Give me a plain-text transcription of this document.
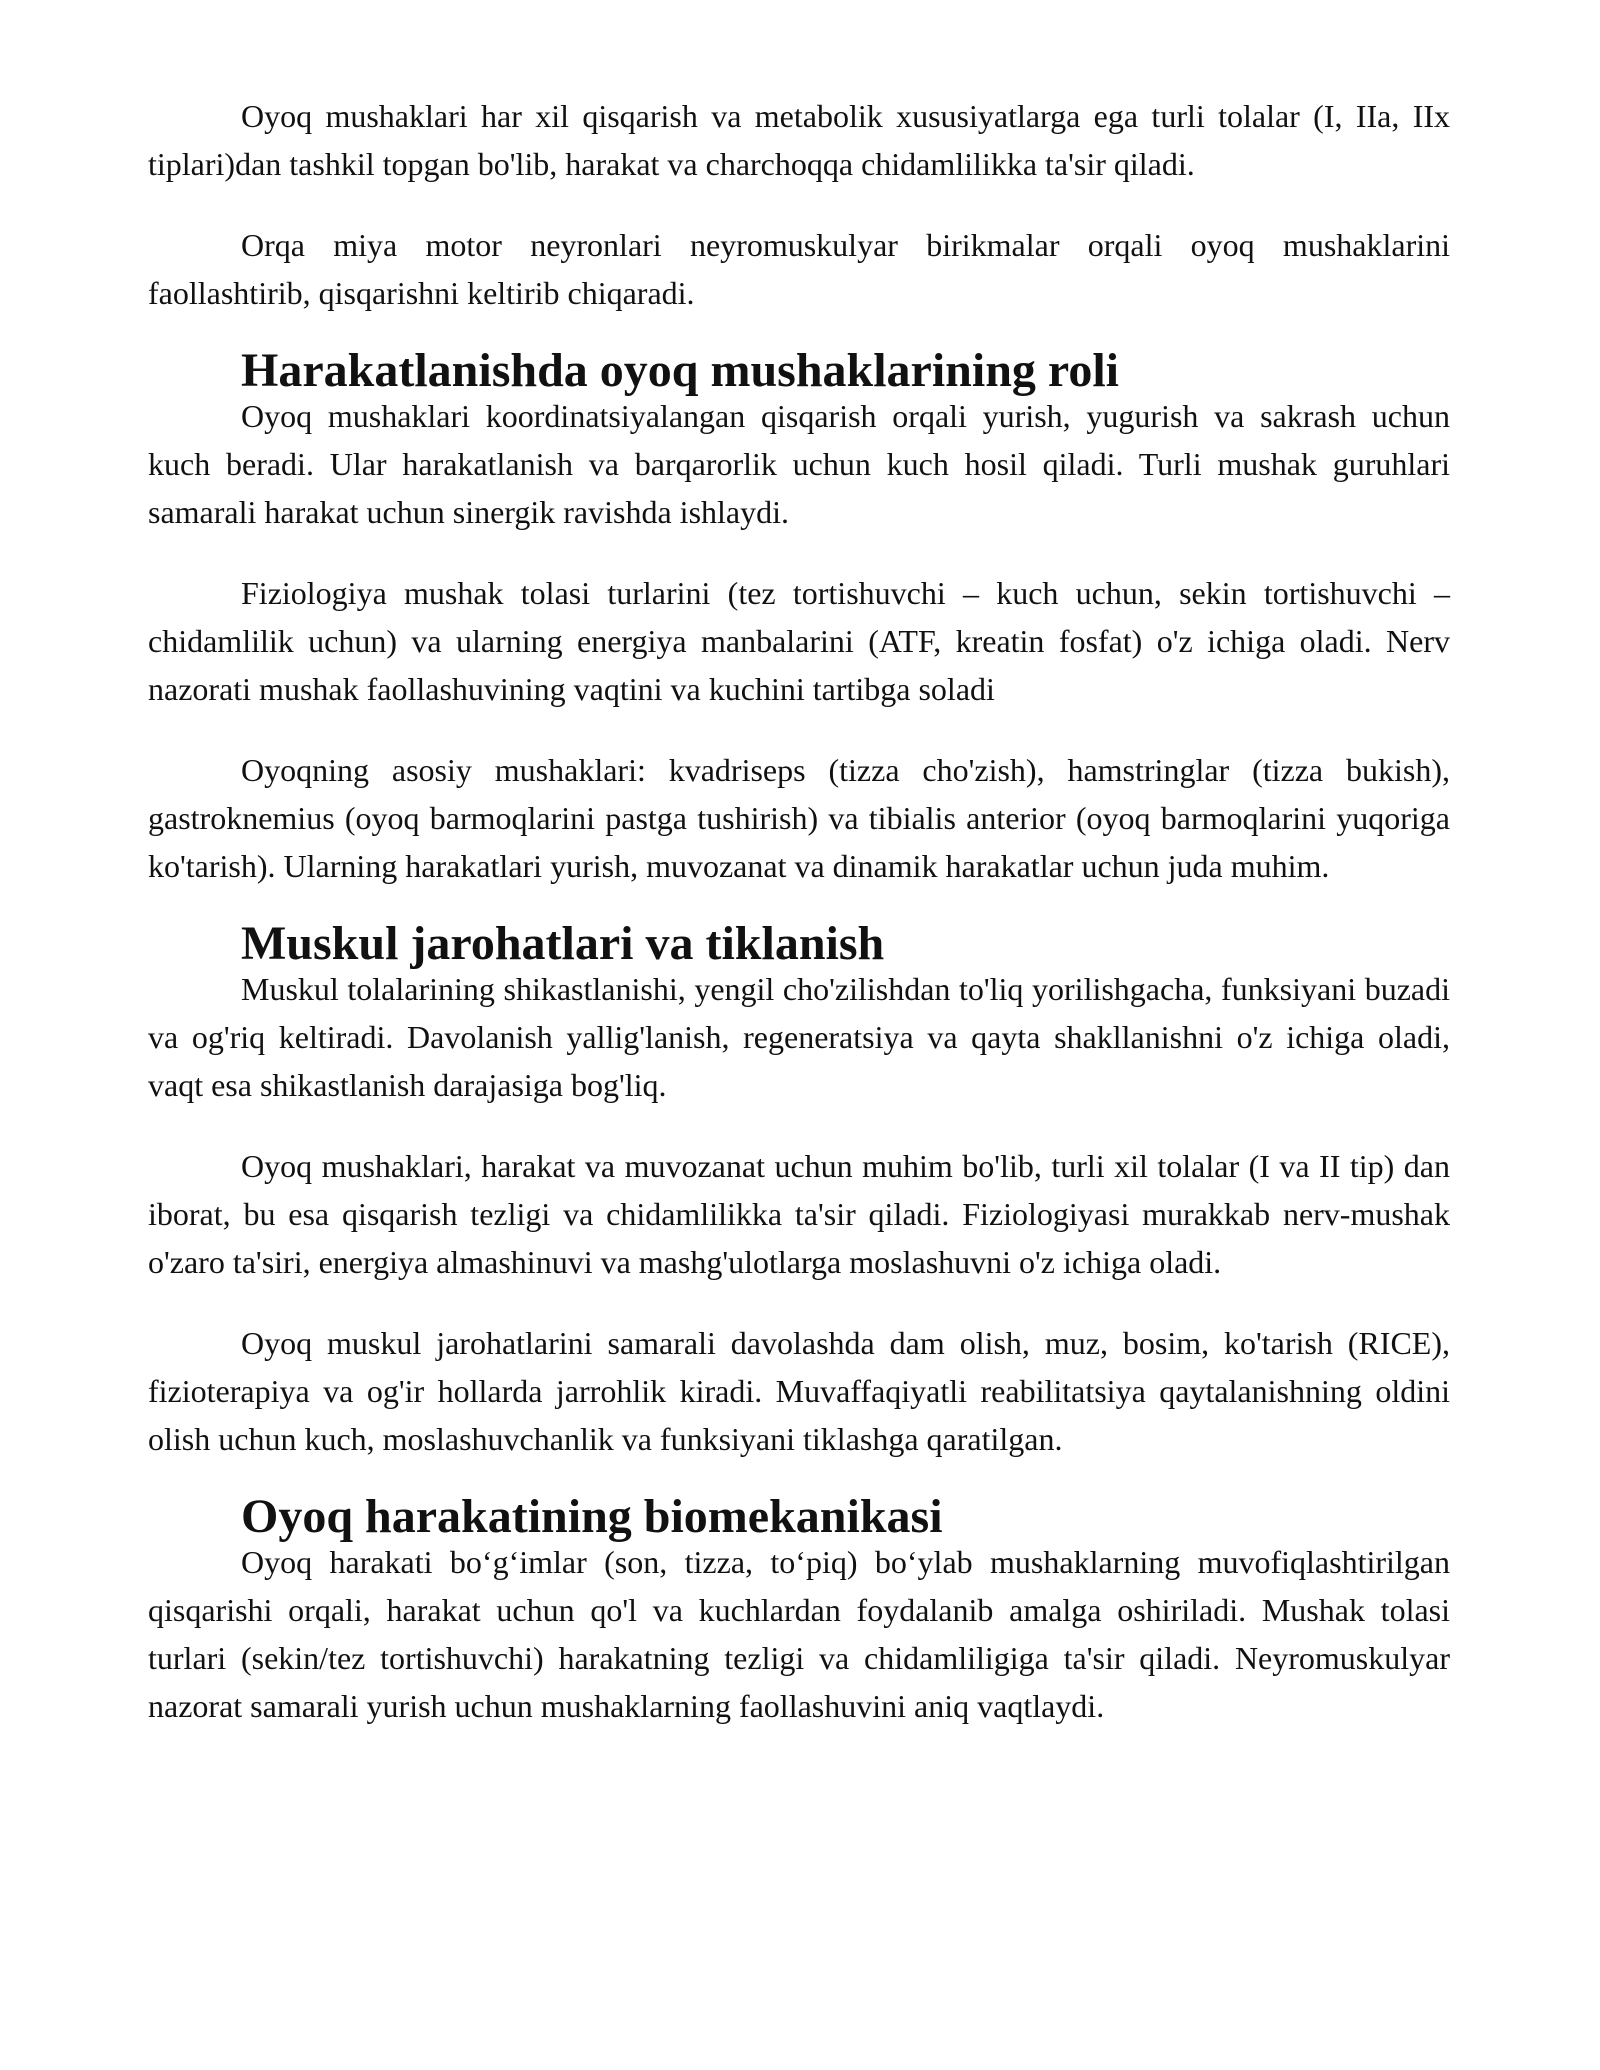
Oyoq mushaklari har xil qisqarish va metabolik xususiyatlarga ega turli tolalar (I, IIa, IIx tiplari)dan tashkil topgan bo'lib, harakat va charchoqqa chidamlilikka ta'sir qiladi.

Orqa miya motor neyronlari neyromuskulyar birikmalar orqali oyoq mushaklarini faollashtirib, qisqarishni keltirib chiqaradi.

Harakatlanishda oyoq mushaklarining roli

Oyoq mushaklari koordinatsiyalangan qisqarish orqali yurish, yugurish va sakrash uchun kuch beradi. Ular harakatlanish va barqarorlik uchun kuch hosil qiladi. Turli mushak guruhlari samarali harakat uchun sinergik ravishda ishlaydi.

Fiziologiya mushak tolasi turlarini (tez tortishuvchi – kuch uchun, sekin tortishuvchi – chidamlilik uchun) va ularning energiya manbalarini (ATF, kreatin fosfat) o'z ichiga oladi. Nerv nazorati mushak faollashuvining vaqtini va kuchini tartibga soladi

Oyoqning asosiy mushaklari: kvadriseps (tizza cho'zish), hamstringlar (tizza bukish), gastroknemius (oyoq barmoqlarini pastga tushirish) va tibialis anterior (oyoq barmoqlarini yuqoriga ko'tarish). Ularning harakatlari yurish, muvozanat va dinamik harakatlar uchun juda muhim.

Muskul jarohatlari va tiklanish

Muskul tolalarining shikastlanishi, yengil cho'zilishdan to'liq yorilishgacha, funksiyani buzadi va og'riq keltiradi. Davolanish yallig'lanish, regeneratsiya va qayta shakllanishni o'z ichiga oladi, vaqt esa shikastlanish darajasiga bog'liq.

Oyoq mushaklari, harakat va muvozanat uchun muhim bo'lib, turli xil tolalar (I va II tip) dan iborat, bu esa qisqarish tezligi va chidamlilikka ta'sir qiladi. Fiziologiyasi murakkab nerv-mushak o'zaro ta'siri, energiya almashinuvi va mashg'ulotlarga moslashuvni o'z ichiga oladi.

Oyoq muskul jarohatlarini samarali davolashda dam olish, muz, bosim, ko'tarish (RICE), fizioterapiya va og'ir hollarda jarrohlik kiradi. Muvaffaqiyatli reabilitatsiya qaytalanishning oldini olish uchun kuch, moslashuvchanlik va funksiyani tiklashga qaratilgan.

Oyoq harakatining biomekanikasi

Oyoq harakati bo‘g‘imlar (son, tizza, to‘piq) bo‘ylab mushaklarning muvofiqlashtirilgan qisqarishi orqali, harakat uchun qo'l va kuchlardan foydalanib amalga oshiriladi. Mushak tolasi turlari (sekin/tez tortishuvchi) harakatning tezligi va chidamliligiga ta'sir qiladi. Neyromuskulyar nazorat samarali yurish uchun mushaklarning faollashuvini aniq vaqtlaydi.
